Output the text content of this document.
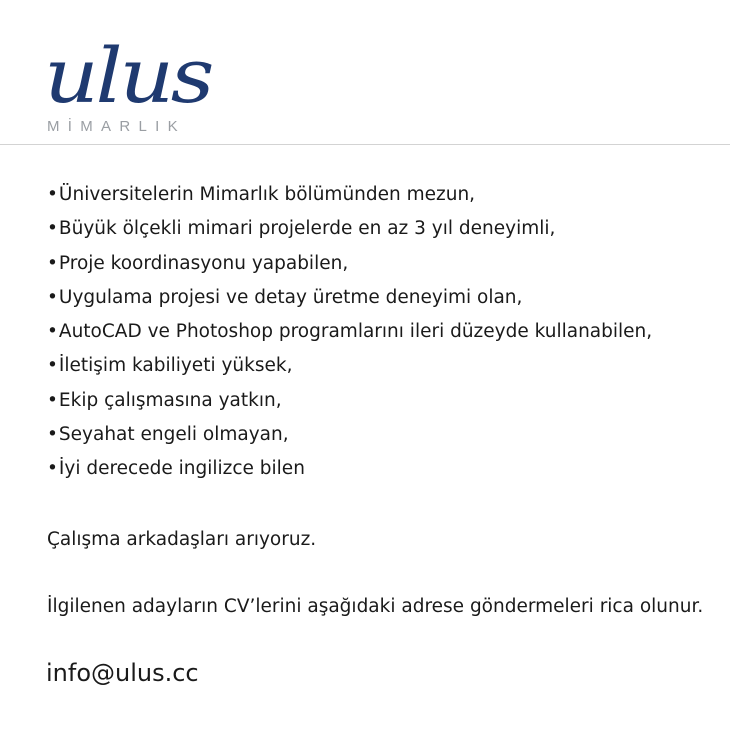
ulus
MİMARLIK
•Üniversitelerin Mimarlık bölümünden mezun,
•Büyük ölçekli mimari projelerde en az 3 yıl deneyimli,
•Proje koordinasyonu yapabilen,
•Uygulama projesi ve detay üretme deneyimi olan,
•AutoCAD ve Photoshop programlarını ileri düzeyde kullanabilen,
•İletişim kabiliyeti yüksek,
•Ekip çalışmasına yatkın,
•Seyahat engeli olmayan,
•İyi derecede ingilizce bilen

Çalışma arkadaşları arıyoruz.

İlgilenen adayların CV’lerini aşağıdaki adrese göndermeleri rica olunur.

info@ulus.cc
